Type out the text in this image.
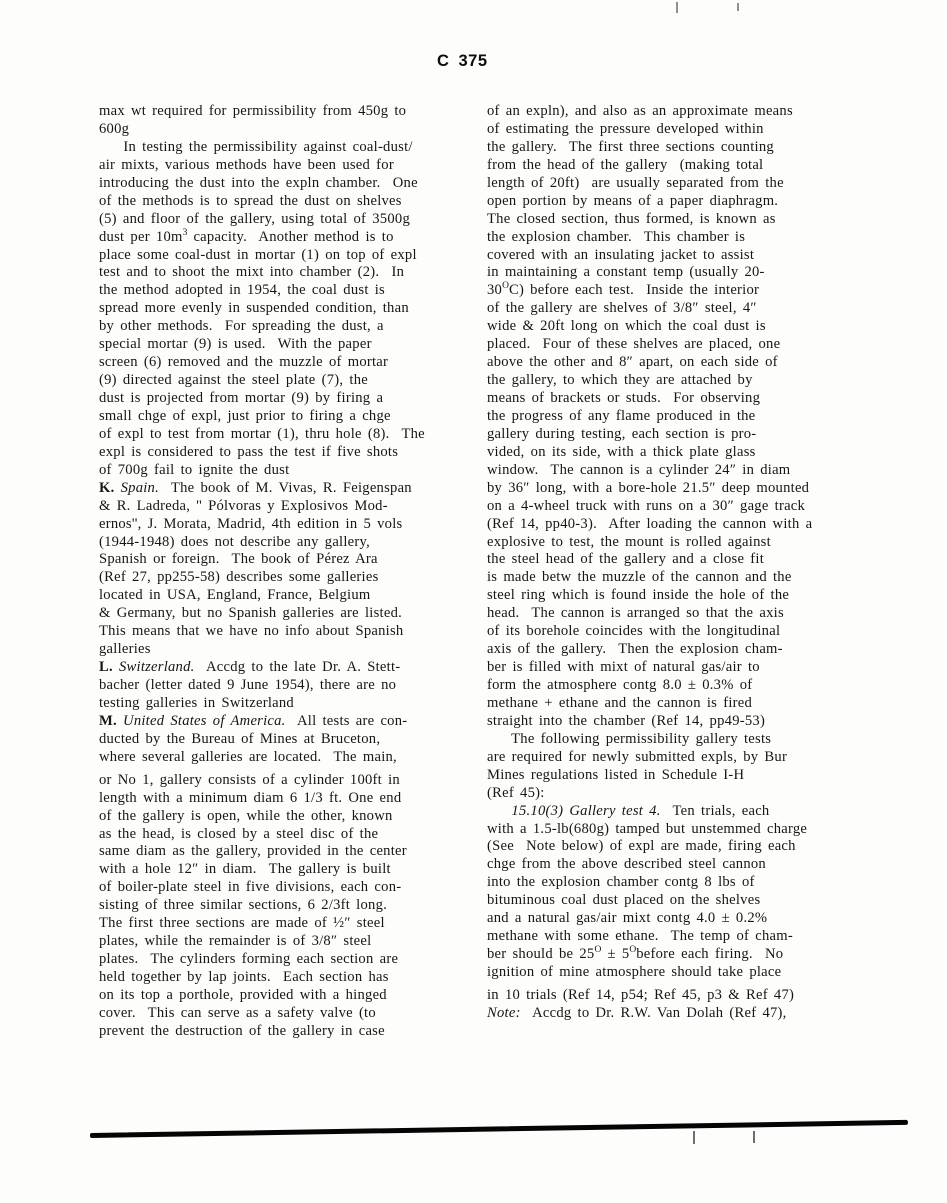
C 375
max wt required for permissibility from 450g to
600g
In testing the permissibility against coal-dust/
air mixts, various methods have been used for
introducing the dust into the expln chamber.  One
of the methods is to spread the dust on shelves
(5) and floor of the gallery, using total of 3500g
dust per $10m^3$ capacity.  Another method is to
place some coal-dust in mortar (1) on top of expl
test and to shoot the mixt into chamber (2).  In
the method adopted in 1954, the coal dust is
spread more evenly in suspended condition, than
by other methods.  For spreading the dust, a
special mortar (9) is used.  With the paper
screen (6) removed and the muzzle of mortar
(9) directed against the steel plate (7), the
dust is projected from mortar (9) by firing a
small chge of expl, just prior to firing a chge
of expl to test from mortar (1), thru hole (8).  The
expl is considered to pass the test if five shots
of 700g fail to ignite the dust
K. Spain.  The book of M. Vivas, R. Feigenspan
& R. Ladreda, '' Pólvoras y Explosivos Mod-
ernos'', J. Morata, Madrid, 4th edition in 5 vols
(1944-1948) does not describe any gallery,
Spanish or foreign.  The book of Pérez Ara
(Ref 27, pp255-58) describes some galleries
located in USA, England, France, Belgium
& Germany, but no Spanish galleries are listed.
This means that we have no info about Spanish
galleries
L. Switzerland.  Accdg to the late Dr. A. Stett-
bacher (letter dated 9 June 1954), there are no
testing galleries in Switzerland
M. United States of America.  All tests are con-
ducted by the Bureau of Mines at Bruceton,
where several galleries are located.  The main,
or No 1, gallery consists of a cylinder 100ft in
length with a minimum diam 6 1/3 ft. One end
of the gallery is open, while the other, known
as the head, is closed by a steel disc of the
same diam as the gallery, provided in the center
with a hole 12″ in diam.  The gallery is built
of boiler-plate steel in five divisions, each con-
sisting of three similar sections, 6 2/3ft long.
The first three sections are made of ½″ steel
plates, while the remainder is of 3/8″ steel
plates.  The cylinders forming each section are
held together by lap joints.  Each section has
on its top a porthole, provided with a hinged
cover.  This can serve as a safety valve (to
prevent the destruction of the gallery in case
of an expln), and also as an approximate means
of estimating the pressure developed within
the gallery.  The first three sections counting
from the head of the gallery  (making total
length of 20ft)  are usually separated from the
open portion by means of a paper diaphragm.
The closed section, thus formed, is known as
the explosion chamber.  This chamber is
covered with an insulating jacket to assist
in maintaining a constant temp (usually 20-
$30^OC$) before each test.  Inside the interior
of the gallery are shelves of 3/8″ steel, 4″
wide & 20ft long on which the coal dust is
placed.  Four of these shelves are placed, one
above the other and 8″ apart, on each side of
the gallery, to which they are attached by
means of brackets or studs.  For observing
the progress of any flame produced in the
gallery during testing, each section is pro-
vided, on its side, with a thick plate glass
window.  The cannon is a cylinder 24″ in diam
by 36″ long, with a bore-hole 21.5″ deep mounted
on a 4-wheel truck with runs on a 30″ gage track
(Ref 14, pp40-3).  After loading the cannon with a
explosive to test, the mount is rolled against
the steel head of the gallery and a close fit
is made betw the muzzle of the cannon and the
steel ring which is found inside the hole of the
head.  The cannon is arranged so that the axis
of its borehole coincides with the longitudinal
axis of the gallery.  Then the explosion cham-
ber is filled with mixt of natural gas/air to
form the atmosphere contg 8.0 ± 0.3% of
methane + ethane and the cannon is fired
straight into the chamber (Ref 14, pp49-53)
The following permissibility gallery tests
are required for newly submitted expls, by Bur
Mines regulations listed in Schedule I-H
(Ref 45):
15.10(3) Gallery test 4.  Ten trials, each
with a 1.5-lb(680g) tamped but unstemmed charge
(See  Note below) of expl are made, firing each
chge from the above described steel cannon
into the explosion chamber contg 8 lbs of
bituminous coal dust placed on the shelves
and a natural gas/air mixt contg 4.0 ± 0.2%
methane with some ethane.  The temp of cham-
ber should be $25^O$ ± $5^Obefore$ each firing.  No
ignition of mine atmosphere should take place
in 10 trials (Ref 14, p54; Ref 45, p3 & Ref 47)
Note:  Accdg to Dr. R.W. Van Dolah (Ref 47),
